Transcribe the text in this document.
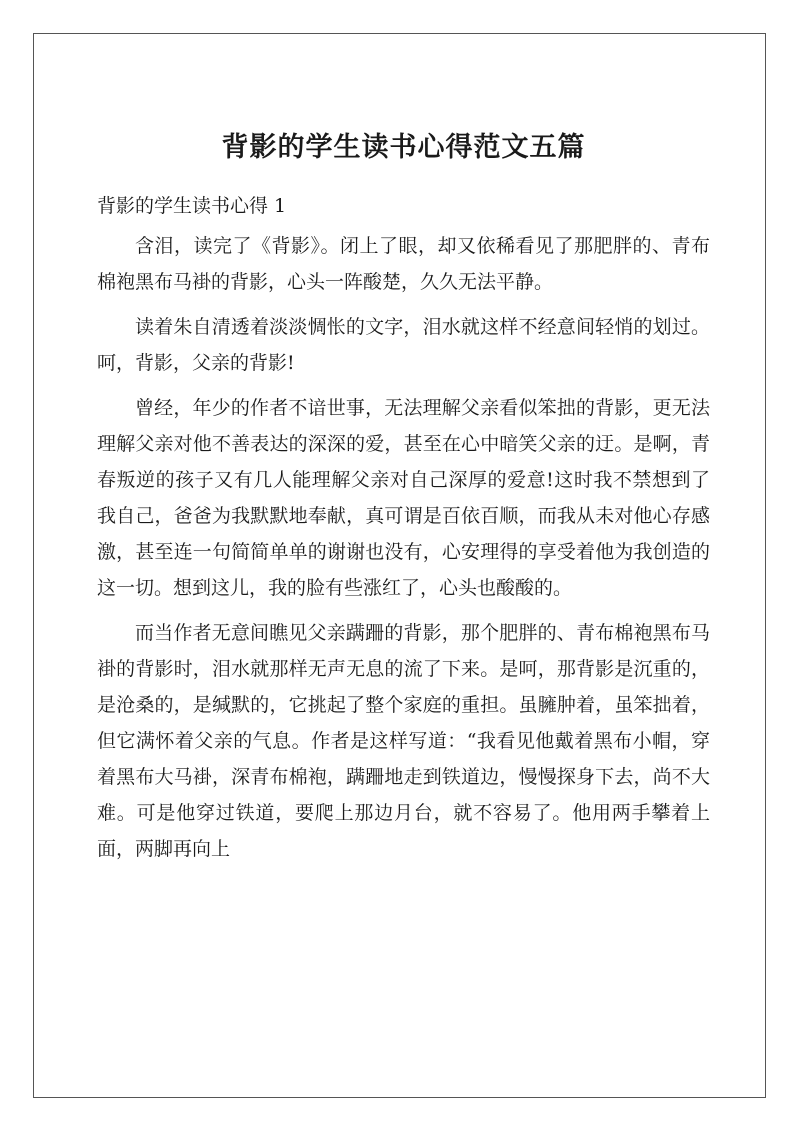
背影的学生读书心得范文五篇
背影的学生读书心得 1

含泪，读完了《背影》。闭上了眼，却又依稀看见了那肥胖的、青布棉袍黑布马褂的背影，心头一阵酸楚，久久无法平静。

读着朱自清透着淡淡惆怅的文字，泪水就这样不经意间轻悄的划过。呵，背影，父亲的背影!

曾经，年少的作者不谙世事，无法理解父亲看似笨拙的背影，更无法理解父亲对他不善表达的深深的爱，甚至在心中暗笑父亲的迂。是啊，青春叛逆的孩子又有几人能理解父亲对自己深厚的爱意!这时我不禁想到了我自己，爸爸为我默默地奉献，真可谓是百依百顺，而我从未对他心存感激，甚至连一句简简单单的谢谢也没有，心安理得的享受着他为我创造的这一切。想到这儿，我的脸有些涨红了，心头也酸酸的。

而当作者无意间瞧见父亲蹒跚的背影，那个肥胖的、青布棉袍黑布马褂的背影时，泪水就那样无声无息的流了下来。是呵，那背影是沉重的，是沧桑的，是缄默的，它挑起了整个家庭的重担。虽臃肿着，虽笨拙着，但它满怀着父亲的气息。作者是这样写道：“我看见他戴着黑布小帽，穿着黑布大马褂，深青布棉袍，蹒跚地走到铁道边，慢慢探身下去，尚不大难。可是他穿过铁道，要爬上那边月台，就不容易了。他用两手攀着上面，两脚再向上
